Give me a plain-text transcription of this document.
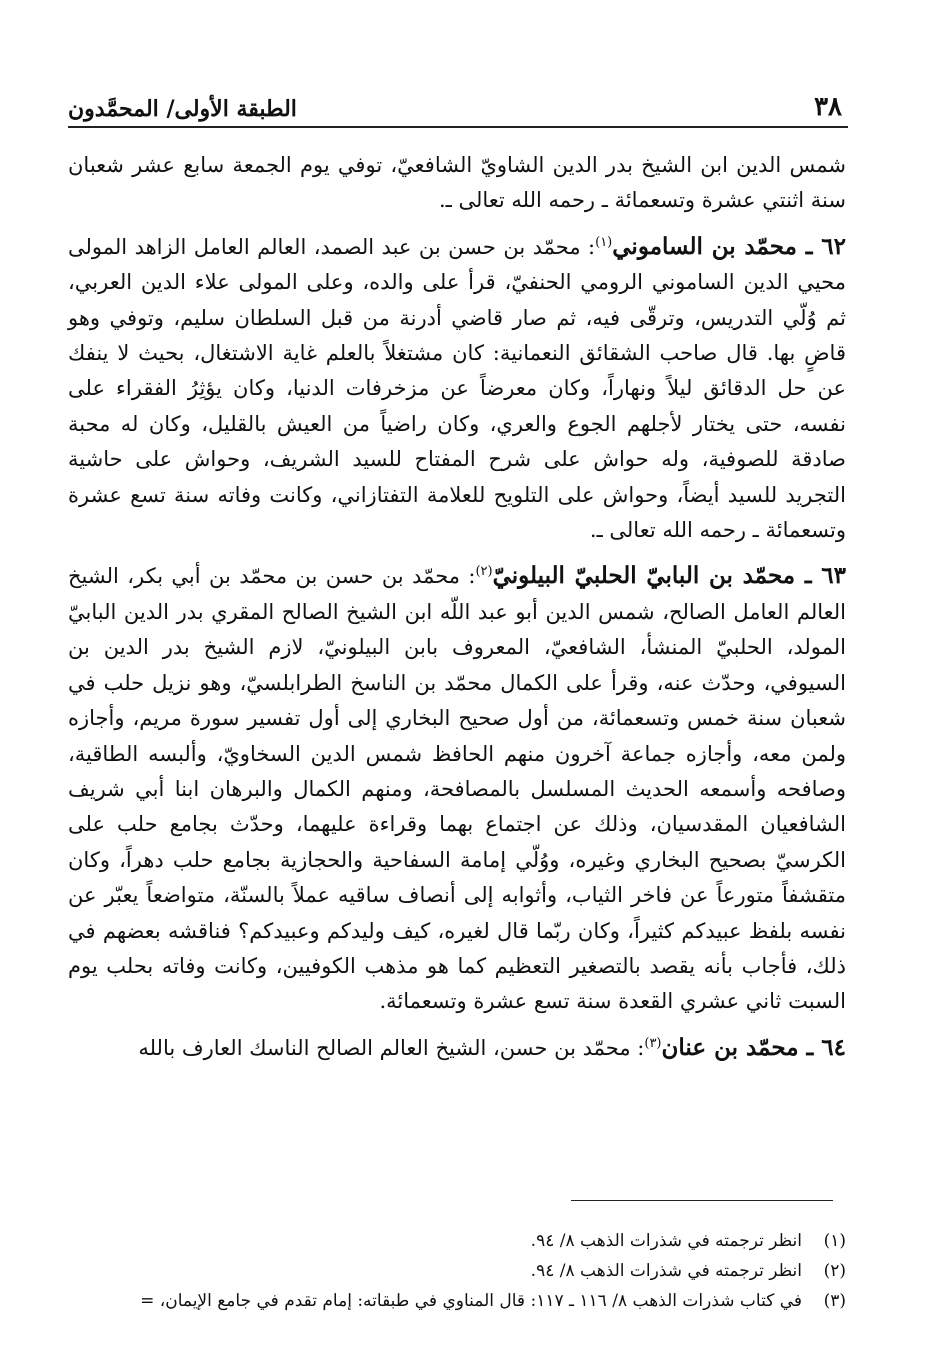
٣٨
الطبقة الأولى/ المحمَّدون

شمس الدين ابن الشيخ بدر الدين الشاويّ الشافعيّ، توفي يوم الجمعة سابع عشر شعبان سنة اثنتي عشرة وتسعمائة ـ رحمه الله تعالى ـ.

٦٢ ـ محمّد بن الساموني$^{(١)}$: محمّد بن حسن بن عبد الصمد، العالم العامل الزاهد المولى محيي الدين الساموني الرومي الحنفيّ، قرأ على والده، وعلى المولى علاء الدين العربي، ثم وُلّي التدريس، وترقّى فيه، ثم صار قاضي أدرنة من قبل السلطان سليم، وتوفي وهو قاضٍ بها. قال صاحب الشقائق النعمانية: كان مشتغلاً بالعلم غاية الاشتغال، بحيث لا ينفك عن حل الدقائق ليلاً ونهاراً، وكان معرضاً عن مزخرفات الدنيا، وكان يؤثِرُ الفقراء على نفسه، حتى يختار لأجلهم الجوع والعري، وكان راضياً من العيش بالقليل، وكان له محبة صادقة للصوفية، وله حواش على شرح المفتاح للسيد الشريف، وحواش على حاشية التجريد للسيد أيضاً، وحواش على التلويح للعلامة التفتازاني، وكانت وفاته سنة تسع عشرة وتسعمائة ـ رحمه الله تعالى ـ.

٦٣ ـ محمّد بن البابيّ الحلبيّ البيلونيّ$^{(٢)}$: محمّد بن حسن بن محمّد بن أبي بكر، الشيخ العالم العامل الصالح، شمس الدين أبو عبد اللّه ابن الشيخ الصالح المقري بدر الدين البابيّ المولد، الحلبيّ المنشأ، الشافعيّ، المعروف بابن البيلونيّ، لازم الشيخ بدر الدين بن السيوفي، وحدّث عنه، وقرأ على الكمال محمّد بن الناسخ الطرابلسيّ، وهو نزيل حلب في شعبان سنة خمس وتسعمائة، من أول صحيح البخاري إلى أول تفسير سورة مريم، وأجازه ولمن معه، وأجازه جماعة آخرون منهم الحافظ شمس الدين السخاويّ، وألبسه الطاقية، وصافحه وأسمعه الحديث المسلسل بالمصافحة، ومنهم الكمال والبرهان ابنا أبي شريف الشافعيان المقدسيان، وذلك عن اجتماع بهما وقراءة عليهما، وحدّث بجامع حلب على الكرسيّ بصحيح البخاري وغيره، ووُلّي إمامة السفاحية والحجازية بجامع حلب دهراً، وكان متقشفاً متورعاً عن فاخر الثياب، وأثوابه إلى أنصاف ساقيه عملاً بالسنّة، متواضعاً يعبّر عن نفسه بلفظ عبيدكم كثيراً، وكان ربّما قال لغيره، كيف وليدكم وعبيدكم؟ فناقشه بعضهم في ذلك، فأجاب بأنه يقصد بالتصغير التعظيم كما هو مذهب الكوفيين، وكانت وفاته بحلب يوم السبت ثاني عشري القعدة سنة تسع عشرة وتسعمائة.

٦٤ ـ محمّد بن عنان$^{(٣)}$: محمّد بن حسن، الشيخ العالم الصالح الناسك العارف بالله

(١)
انظر ترجمته في شذرات الذهب ٨/ ٩٤.
(٢)
انظر ترجمته في شذرات الذهب ٨/ ٩٤.
(٣)
في كتاب شذرات الذهب ٨/ ١١٦ ـ ١١٧: قال المناوي في طبقاته: إمام تقدم في جامع الإيمان، =
